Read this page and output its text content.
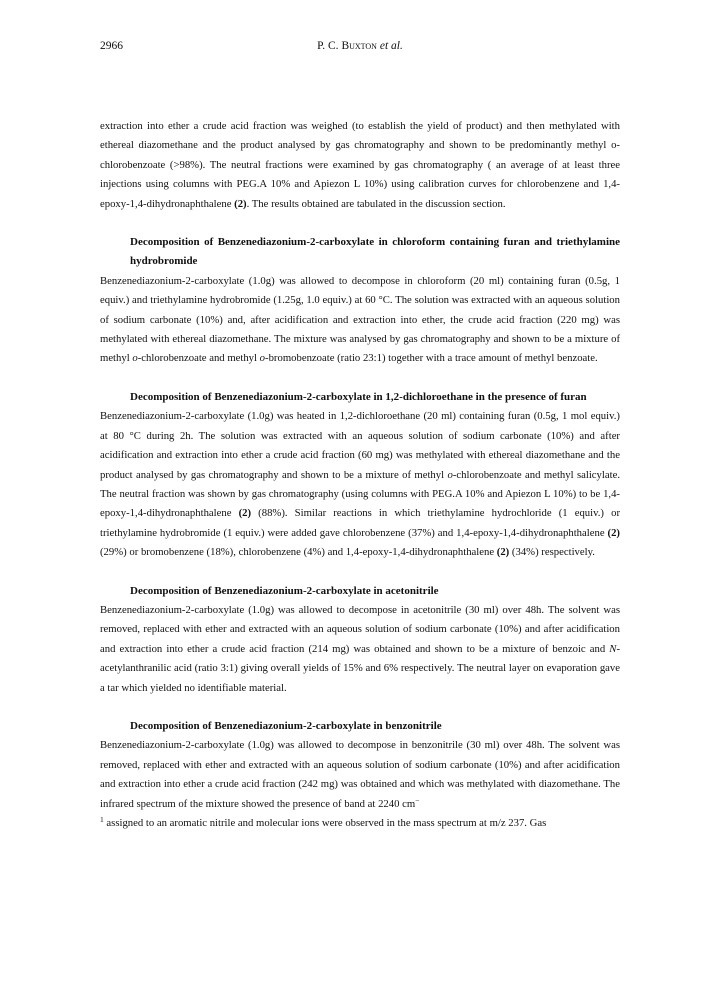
2966	P. C. Buxton et al.

extraction into ether a crude acid fraction was weighed (to establish the yield of product) and then methylated with ethereal diazomethane and the product analysed by gas chromatography and shown to be predominantly methyl o-chlorobenzoate (>98%). The neutral fractions were examined by gas chromatography ( an average of at least three injections using columns with PEG.A 10% and Apiezon L 10%) using calibration curves for chlorobenzene and 1,4-epoxy-1,4-dihydronaphthalene (2). The results obtained are tabulated in the discussion section.

Decomposition of Benzenediazonium-2-carboxylate in chloroform containing furan and triethylamine hydrobromide

Benzenediazonium-2-carboxylate (1.0g) was allowed to decompose in chloroform (20 ml) containing furan (0.5g, 1 equiv.) and triethylamine hydrobromide (1.25g, 1.0 equiv.) at 60 °C. The solution was extracted with an aqueous solution of sodium carbonate (10%) and, after acidification and extraction into ether, the crude acid fraction (220 mg) was methylated with ethereal diazomethane. The mixture was analysed by gas chromatography and shown to be a mixture of methyl o-chlorobenzoate and methyl o-bromobenzoate (ratio 23:1) together with a trace amount of methyl benzoate.

Decomposition of Benzenediazonium-2-carboxylate in 1,2-dichloroethane in the presence of furan

Benzenediazonium-2-carboxylate (1.0g) was heated in 1,2-dichloroethane (20 ml) containing furan (0.5g, 1 mol equiv.) at 80 °C during 2h. The solution was extracted with an aqueous solution of sodium carbonate (10%) and after acidification and extraction into ether a crude acid fraction (60 mg) was methylated with ethereal diazomethane and the product analysed by gas chromatography and shown to be a mixture of methyl o-chlorobenzoate and methyl salicylate. The neutral fraction was shown by gas chromatography (using columns with PEG.A 10% and Apiezon L 10%) to be 1,4-epoxy-1,4-dihydronaphthalene (2) (88%). Similar reactions in which triethylamine hydrochloride (1 equiv.) or triethylamine hydrobromide (1 equiv.) were added gave chlorobenzene (37%) and 1,4-epoxy-1,4-dihydronaphthalene (2) (29%) or bromobenzene (18%), chlorobenzene (4%) and 1,4-epoxy-1,4-dihydronaphthalene (2) (34%) respectively.

Decomposition of Benzenediazonium-2-carboxylate in acetonitrile

Benzenediazonium-2-carboxylate (1.0g) was allowed to decompose in acetonitrile (30 ml) over 48h. The solvent was removed, replaced with ether and extracted with an aqueous solution of sodium carbonate (10%) and after acidification and extraction into ether a crude acid fraction (214 mg) was obtained and shown to be a mixture of benzoic and N-acetylanthranilic acid (ratio 3:1) giving overall yields of 15% and 6% respectively. The neutral layer on evaporation gave a tar which yielded no identifiable material.

Decomposition of Benzenediazonium-2-carboxylate in benzonitrile

Benzenediazonium-2-carboxylate (1.0g) was allowed to decompose in benzonitrile (30 ml) over 48h. The solvent was removed, replaced with ether and extracted with an aqueous solution of sodium carbonate (10%) and after acidification and extraction into ether a crude acid fraction (242 mg) was obtained and which was methylated with diazomethane. The infrared spectrum of the mixture showed the presence of band at 2240 cm−
$^1$ assigned to an aromatic nitrile and molecular ions were observed in the mass spectrum at m/z 237. Gas
